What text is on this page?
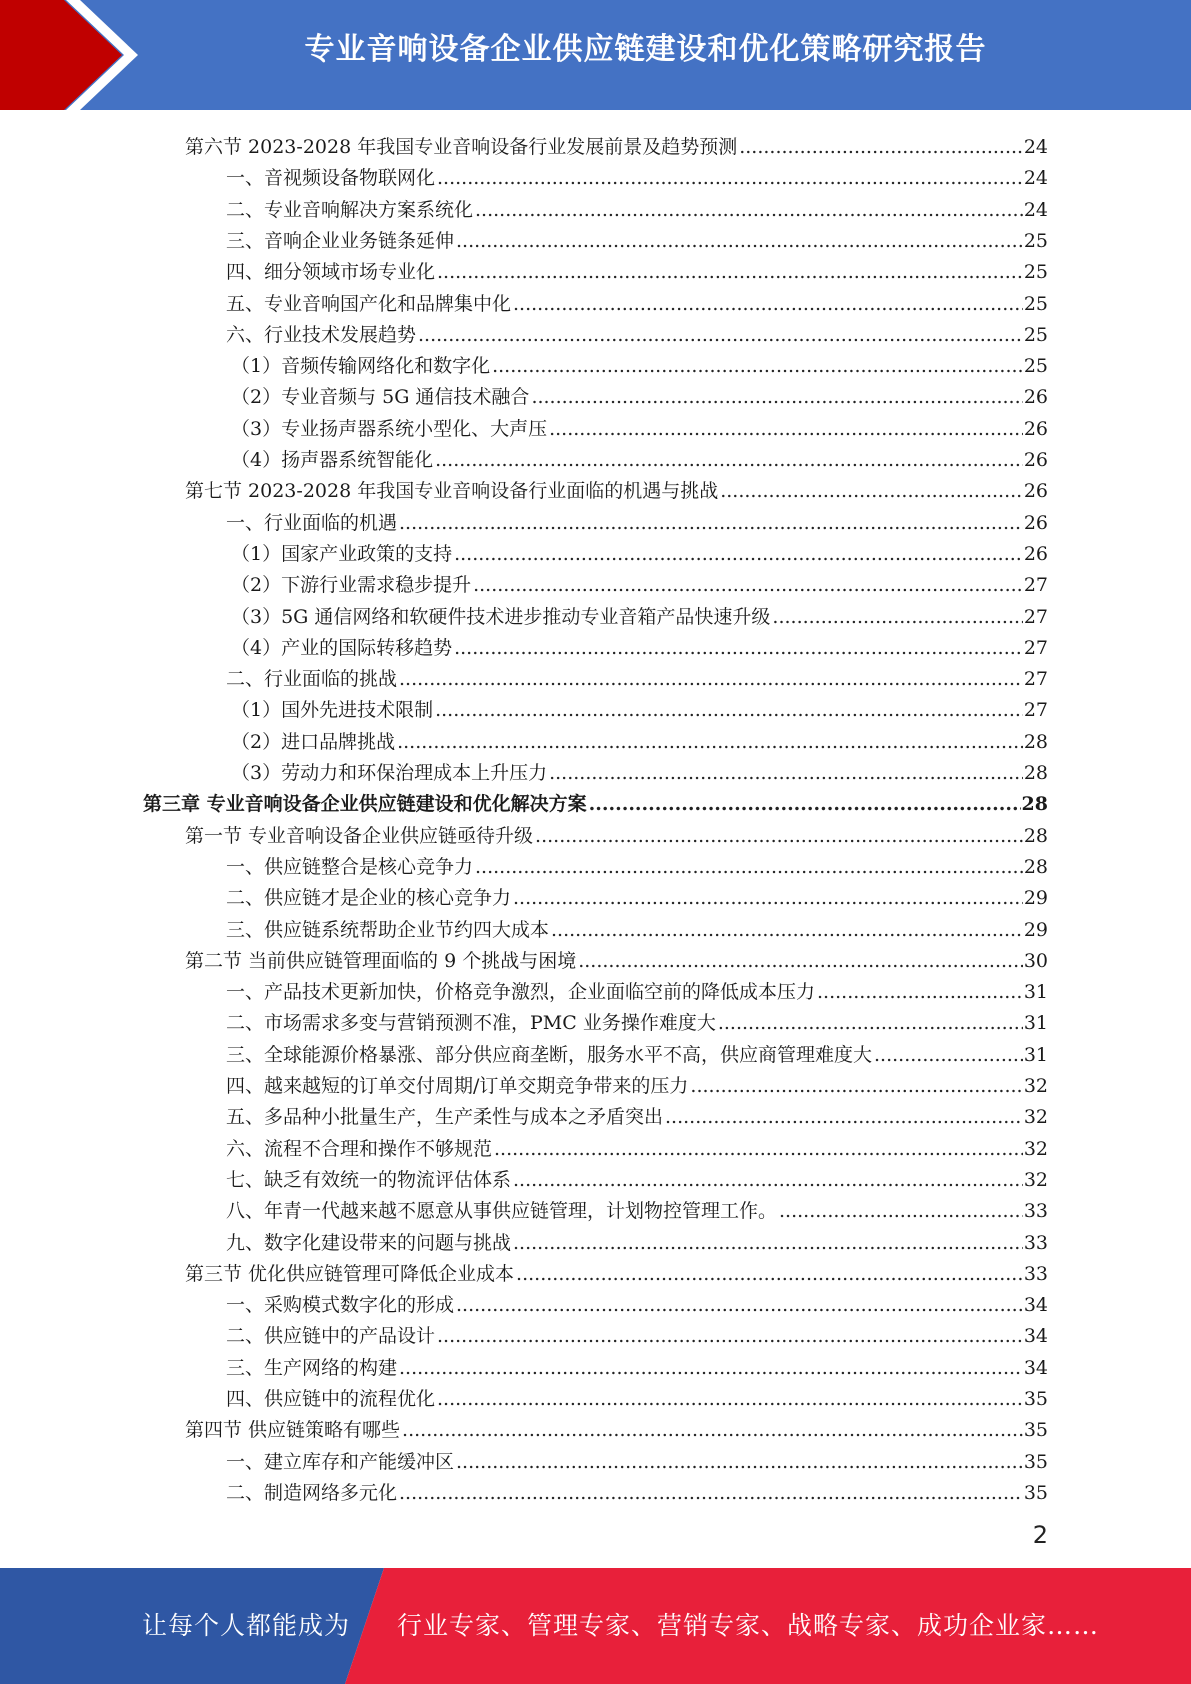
专业音响设备企业供应链建设和优化策略研究报告
第六节 2023-2028 年我国专业音响设备行业发展前景及趋势预测 .....	24
一、音视频设备物联网化 .....	24
二、专业音响解决方案系统化 .....	24
三、音响企业业务链条延伸 .....	25
四、细分领域市场专业化 .....	25
五、专业音响国产化和品牌集中化 .....	25
六、行业技术发展趋势 .....	25
（1）音频传输网络化和数字化 .....	25
（2）专业音频与 5G 通信技术融合 .....	26
（3）专业扬声器系统小型化、大声压 .....	26
（4）扬声器系统智能化 .....	26
第七节 2023-2028 年我国专业音响设备行业面临的机遇与挑战 .....	26
一、行业面临的机遇 .....	26
（1）国家产业政策的支持 .....	26
（2）下游行业需求稳步提升 .....	27
（3）5G 通信网络和软硬件技术进步推动专业音箱产品快速升级 .....	27
（4）产业的国际转移趋势 .....	27
二、行业面临的挑战 .....	27
（1）国外先进技术限制 .....	27
（2）进口品牌挑战 .....	28
（3）劳动力和环保治理成本上升压力 .....	28
第三章 专业音响设备企业供应链建设和优化解决方案 .....	28
第一节 专业音响设备企业供应链亟待升级 .....	28
一、供应链整合是核心竞争力 .....	28
二、供应链才是企业的核心竞争力 .....	29
三、供应链系统帮助企业节约四大成本 .....	29
第二节 当前供应链管理面临的 9 个挑战与困境 .....	30
一、产品技术更新加快，价格竞争激烈，企业面临空前的降低成本压力 .....	31
二、市场需求多变与营销预测不准，PMC 业务操作难度大 .....	31
三、全球能源价格暴涨、部分供应商垄断，服务水平不高，供应商管理难度大 .....	31
四、越来越短的订单交付周期/订单交期竞争带来的压力 .....	32
五、多品种小批量生产，生产柔性与成本之矛盾突出 .....	32
六、流程不合理和操作不够规范 .....	32
七、缺乏有效统一的物流评估体系 .....	32
八、年青一代越来越不愿意从事供应链管理，计划物控管理工作。 .....	33
九、数字化建设带来的问题与挑战 .....	33
第三节 优化供应链管理可降低企业成本 .....	33
一、采购模式数字化的形成 .....	34
二、供应链中的产品设计 .....	34
三、生产网络的构建 .....	34
四、供应链中的流程优化 .....	35
第四节 供应链策略有哪些 .....	35
一、建立库存和产能缓冲区 .....	35
二、制造网络多元化 .....	35
2
让每个人都能成为 行业专家、管理专家、营销专家、战略专家、成功企业家……
